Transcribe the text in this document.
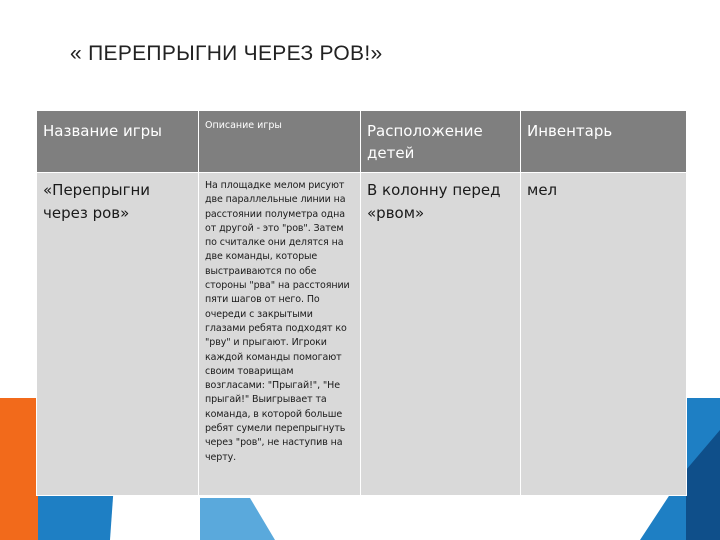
« ПЕРЕПРЫГНИ ЧЕРЕЗ РОВ!»
Название игры	Описание игры	Расположение детей	Инвентарь
«Перепрыгни через ров»	На площадке мелом рисуют две параллельные линии на расстоянии полуметра одна от другой - это "ров". Затем по считалке они делятся на две команды, которые выстраиваются по обе стороны "рва" на расстоянии пяти шагов от него. По очереди с закрытыми глазами ребята подходят ко "рву" и прыгают. Игроки каждой команды помогают своим товарищам возгласами: "Прыгай!", "Не прыгай!" Выигрывает та команда, в которой больше ребят сумели перепрыгнуть через "ров", не наступив на черту.	В колонну перед «рвом»	мел
